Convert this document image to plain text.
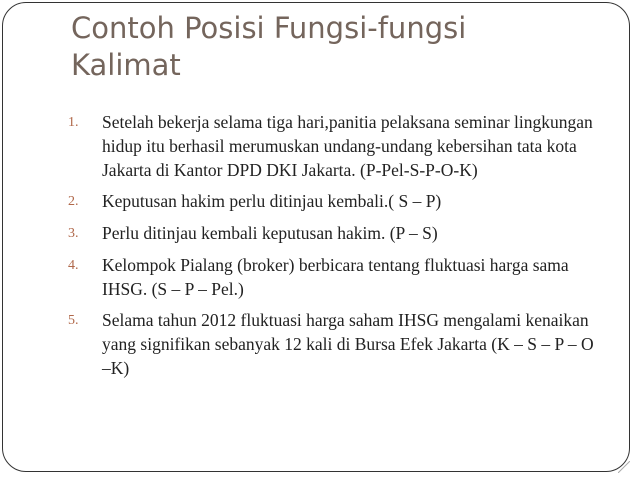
Contoh Posisi Fungsi-fungsi
Kalimat
1.	Setelah bekerja selama tiga hari,panitia pelaksana seminar lingkungan hidup itu berhasil merumuskan undang-undang kebersihan tata kota Jakarta di Kantor DPD DKI Jakarta. (P-Pel-S-P-O-K)
2.	Keputusan hakim perlu ditinjau kembali.( S – P)
3.	Perlu ditinjau kembali keputusan hakim. (P – S)
4.	Kelompok Pialang (broker) berbicara tentang fluktuasi harga sama IHSG. (S – P – Pel.)
5.	Selama tahun 2012 fluktuasi harga saham IHSG mengalami kenaikan yang signifikan sebanyak 12 kali di Bursa Efek Jakarta (K – S – P – O –K)
